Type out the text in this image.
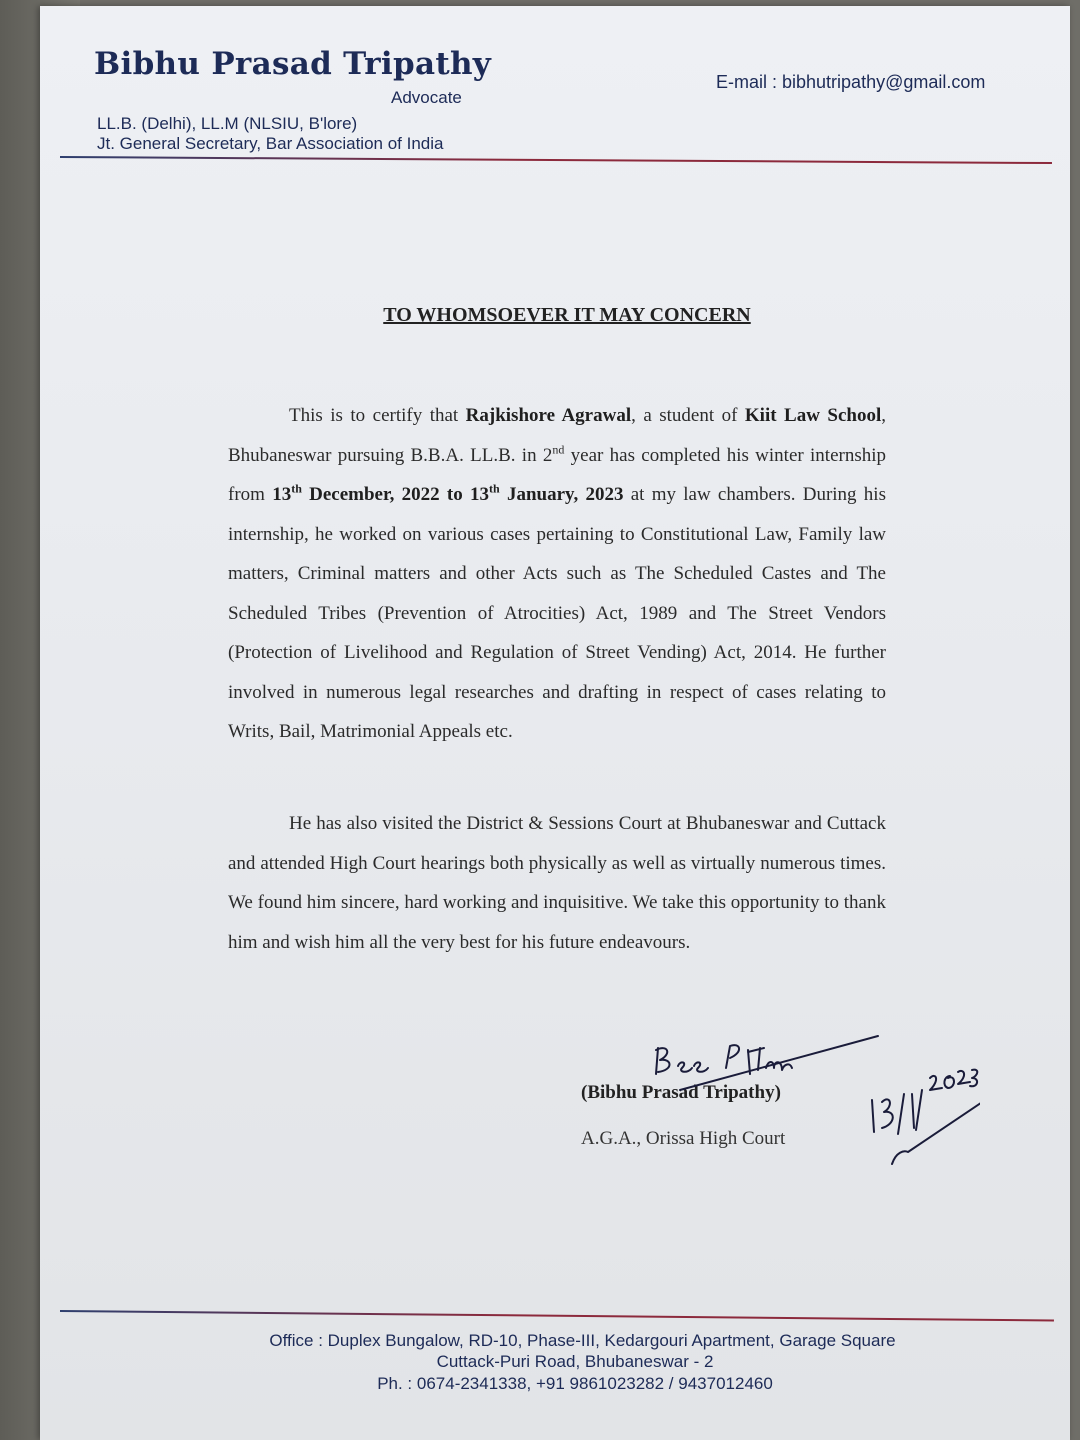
Bibhu Prasad Tripathy
Advocate
LL.B. (Delhi), LL.M (NLSIU, B'lore)
Jt. General Secretary, Bar Association of India
E-mail : bibhutripathy@gmail.com
TO WHOMSOEVER IT MAY CONCERN

This is to certify that Rajkishore Agrawal, a student of Kiit Law School, Bhubaneswar pursuing B.B.A. LL.B. in 2nd year has completed his winter internship from 13th December, 2022 to 13th January, 2023 at my law chambers. During his internship, he worked on various cases pertaining to Constitutional Law, Family law matters, Criminal matters and other Acts such as The Scheduled Castes and The Scheduled Tribes (Prevention of Atrocities) Act, 1989 and The Street Vendors (Protection of Livelihood and Regulation of Street Vending) Act, 2014. He further involved in numerous legal researches and drafting in respect of cases relating to Writs, Bail, Matrimonial Appeals etc.

He has also visited the District & Sessions Court at Bhubaneswar and Cuttack and attended High Court hearings both physically as well as virtually numerous times. We found him sincere, hard working and inquisitive. We take this opportunity to thank him and wish him all the very best for his future endeavours.

(Bibhu Prasad Tripathy)
A.G.A., Orissa High Court
Office : Duplex Bungalow, RD-10, Phase-III, Kedargouri Apartment, Garage Square
Cuttack-Puri Road, Bhubaneswar - 2
Ph. : 0674-2341338, +91 9861023282 / 9437012460
